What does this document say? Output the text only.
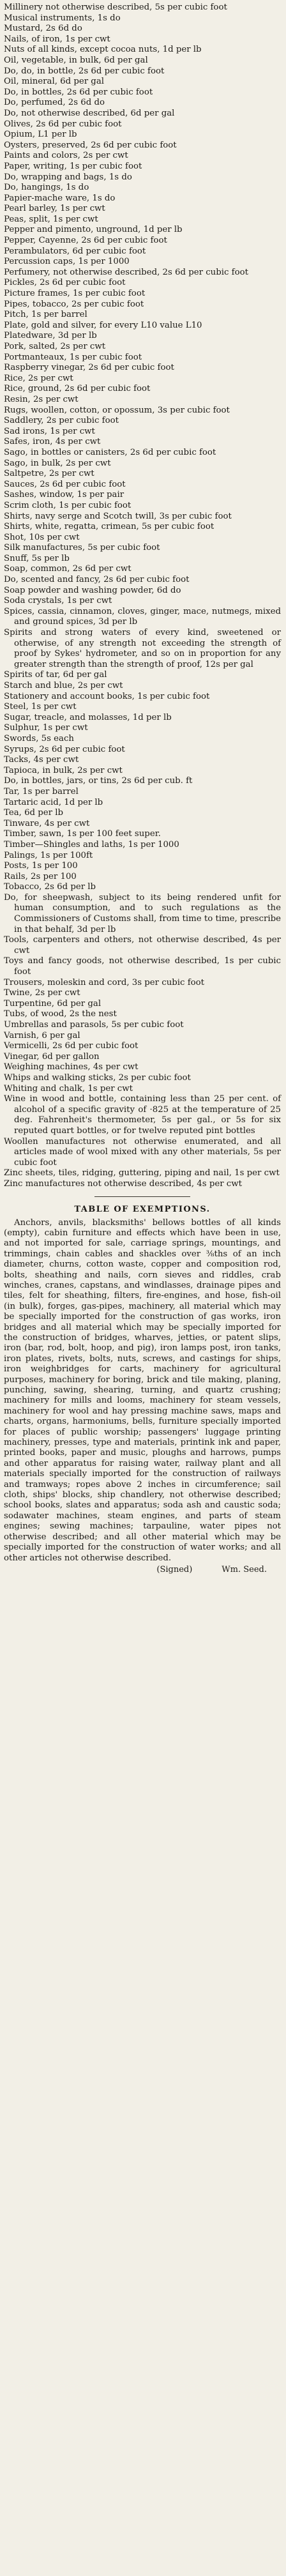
Millinery not otherwise described, 5s per cubic foot

Musical instruments, 1s do

Mustard, 2s 6d do

Nails, of iron, 1s per cwt

Nuts of all kinds, except cocoa nuts, 1d per lb

Oil, vegetable, in bulk, 6d per gal

Do, do, in bottle, 2s 6d per cubic foot

Oil, mineral, 6d per gal

Do, in bottles, 2s 6d per cubic foot

Do, perfumed, 2s 6d do

Do, not otherwise described, 6d per gal

Olives, 2s 6d per cubic foot

Opium, L1 per lb

Oysters, preserved, 2s 6d per cubic foot

Paints and colors, 2s per cwt

Paper, writing, 1s per cubic foot

Do, wrapping and bags, 1s do

Do, hangings, 1s do

Papier-mache ware, 1s do

Pearl barley, 1s per cwt

Peas, split, 1s per cwt

Pepper and pimento, unground, 1d per lb

Pepper, Cayenne, 2s 6d per cubic foot

Perambulators, 6d per cubic foot

Percussion caps, 1s per 1000

Perfumery, not otherwise described, 2s 6d per cubic foot

Pickles, 2s 6d per cubic foot

Picture frames, 1s per cubic foot

Pipes, tobacco, 2s per cubic foot

Pitch, 1s per barrel

Plate, gold and silver, for every L10 value L10

Platedware, 3d per lb

Pork, salted, 2s per cwt

Portmanteaux, 1s per cubic foot

Raspberry vinegar, 2s 6d per cubic foot

Rice, 2s per cwt

Rice, ground, 2s 6d per cubic foot

Resin, 2s per cwt

Rugs, woollen, cotton, or opossum, 3s per cubic foot

Saddlery, 2s per cubic foot

Sad irons, 1s per cwt

Safes, iron, 4s per cwt

Sago, in bottles or canisters, 2s 6d per cubic foot

Sago, in bulk, 2s per cwt

Saltpetre, 2s per cwt

Sauces, 2s 6d per cubic foot

Sashes, window, 1s per pair

Scrim cloth, 1s per cubic foot

Shirts, navy serge and Scotch twill, 3s per cubic foot

Shirts, white, regatta, crimean, 5s per cubic foot

Shot, 10s per cwt

Silk manufactures, 5s per cubic foot

Snuff, 5s per lb

Soap, common, 2s 6d per cwt

Do, scented and fancy, 2s 6d per cubic foot

Soap powder and washing powder, 6d do

Soda crystals, 1s per cwt

Spices, cassia, cinnamon, cloves, ginger, mace, nutmegs, mixed and ground spices, 3d per lb

Spirits and strong waters of every kind, sweetened or otherwise, of any strength not exceeding the strength of proof by Sykes' hydrometer, and so on in proportion for any greater strength than the strength of proof, 12s per gal

Spirits of tar, 6d per gal

Starch and blue, 2s per cwt

Stationery and account books, 1s per cubic foot

Steel, 1s per cwt

Sugar, treacle, and molasses, 1d per lb

Sulphur, 1s per cwt

Swords, 5s each

Syrups, 2s 6d per cubic foot

Tacks, 4s per cwt

Tapioca, in bulk, 2s per cwt

Do, in bottles, jars, or tins, 2s 6d per cub. ft

Tar, 1s per barrel

Tartaric acid, 1d per lb

Tea, 6d per lb

Tinware, 4s per cwt

Timber, sawn, 1s per 100 feet super.

Timber—Shingles and laths, 1s per 1000

Palings, 1s per 100ft

Posts, 1s per 100

Rails, 2s per 100

Tobacco, 2s 6d per lb

Do, for sheepwash, subject to its being rendered unfit for human consumption, and to such regulations as the Commissioners of Customs shall, from time to time, prescribe in that behalf, 3d per lb

Tools, carpenters and others, not otherwise described, 4s per cwt

Toys and fancy goods, not otherwise described, 1s per cubic foot

Trousers, moleskin and cord, 3s per cubic foot

Twine, 2s per cwt

Turpentine, 6d per gal

Tubs, of wood, 2s the nest

Umbrellas and parasols, 5s per cubic foot

Varnish, 6 per gal

Vermicelli, 2s 6d per cubic foot

Vinegar, 6d per gallon

Weighing machines, 4s per cwt

Whips and walking sticks, 2s per cubic foot

Whiting and chalk, 1s per cwt

Wine in wood and bottle, containing less than 25 per cent. of alcohol of a specific gravity of ·825 at the temperature of 25 deg. Fahrenheit's thermometer, 5s per gal., or 5s for six reputed quart bottles, or for twelve reputed pint bottles

Woollen manufactures not otherwise enumerated, and all articles made of wool mixed with any other materials, 5s per cubic foot

Zinc sheets, tiles, ridging, guttering, piping and nail, 1s per cwt

Zinc manufactures not otherwise described, 4s per cwt

TABLE OF EXEMPTIONS.

Anchors, anvils, blacksmiths' bellows bottles of all kinds (empty), cabin furniture and effects which have been in use, and not imported for sale, carriage springs, mountings, and trimmings, chain cables and shackles over ⅜ths of an inch diameter, churns, cotton waste, copper and composition rod, bolts, sheathing and nails, corn sieves and riddles, crab winches, cranes, capstans, and windlasses, drainage pipes and tiles, felt for sheathing, filters, fire-engines, and hose, fish-oil (in bulk), forges, gas-pipes, machinery, all material which may be specially imported for the construction of gas works, iron bridges and all material which may be specially imported for the construction of bridges, wharves, jetties, or patent slips, iron (bar, rod, bolt, hoop, and pig), iron lamps post, iron tanks, iron plates, rivets, bolts, nuts, screws, and castings for ships, iron weighbridges for carts, machinery for agricultural purposes, machinery for boring, brick and tile making, planing, punching, sawing, shearing, turning, and quartz crushing; machinery for mills and looms, machinery for steam vessels, machinery for wool and hay pressing machine saws, maps and charts, organs, harmoniums, bells, furniture specially imported for places of public worship; passengers' luggage printing machinery, presses, type and materials, printink ink and paper, printed books, paper and music, ploughs and harrows, pumps and other apparatus for raising water, railway plant and all materials specially imported for the construction of railways and tramways; ropes above 2 inches in circumference; sail cloth, ships' blocks, ship chandlery, not otherwise described; school books, slates and apparatus; soda ash and caustic soda; sodawater machines, steam engines, and parts of steam engines; sewing machines; tarpauline, water pipes not otherwise described; and all other material which may be specially imported for the construction of water works; and all other articles not otherwise described.

(Signed)	Wm. Seed.
